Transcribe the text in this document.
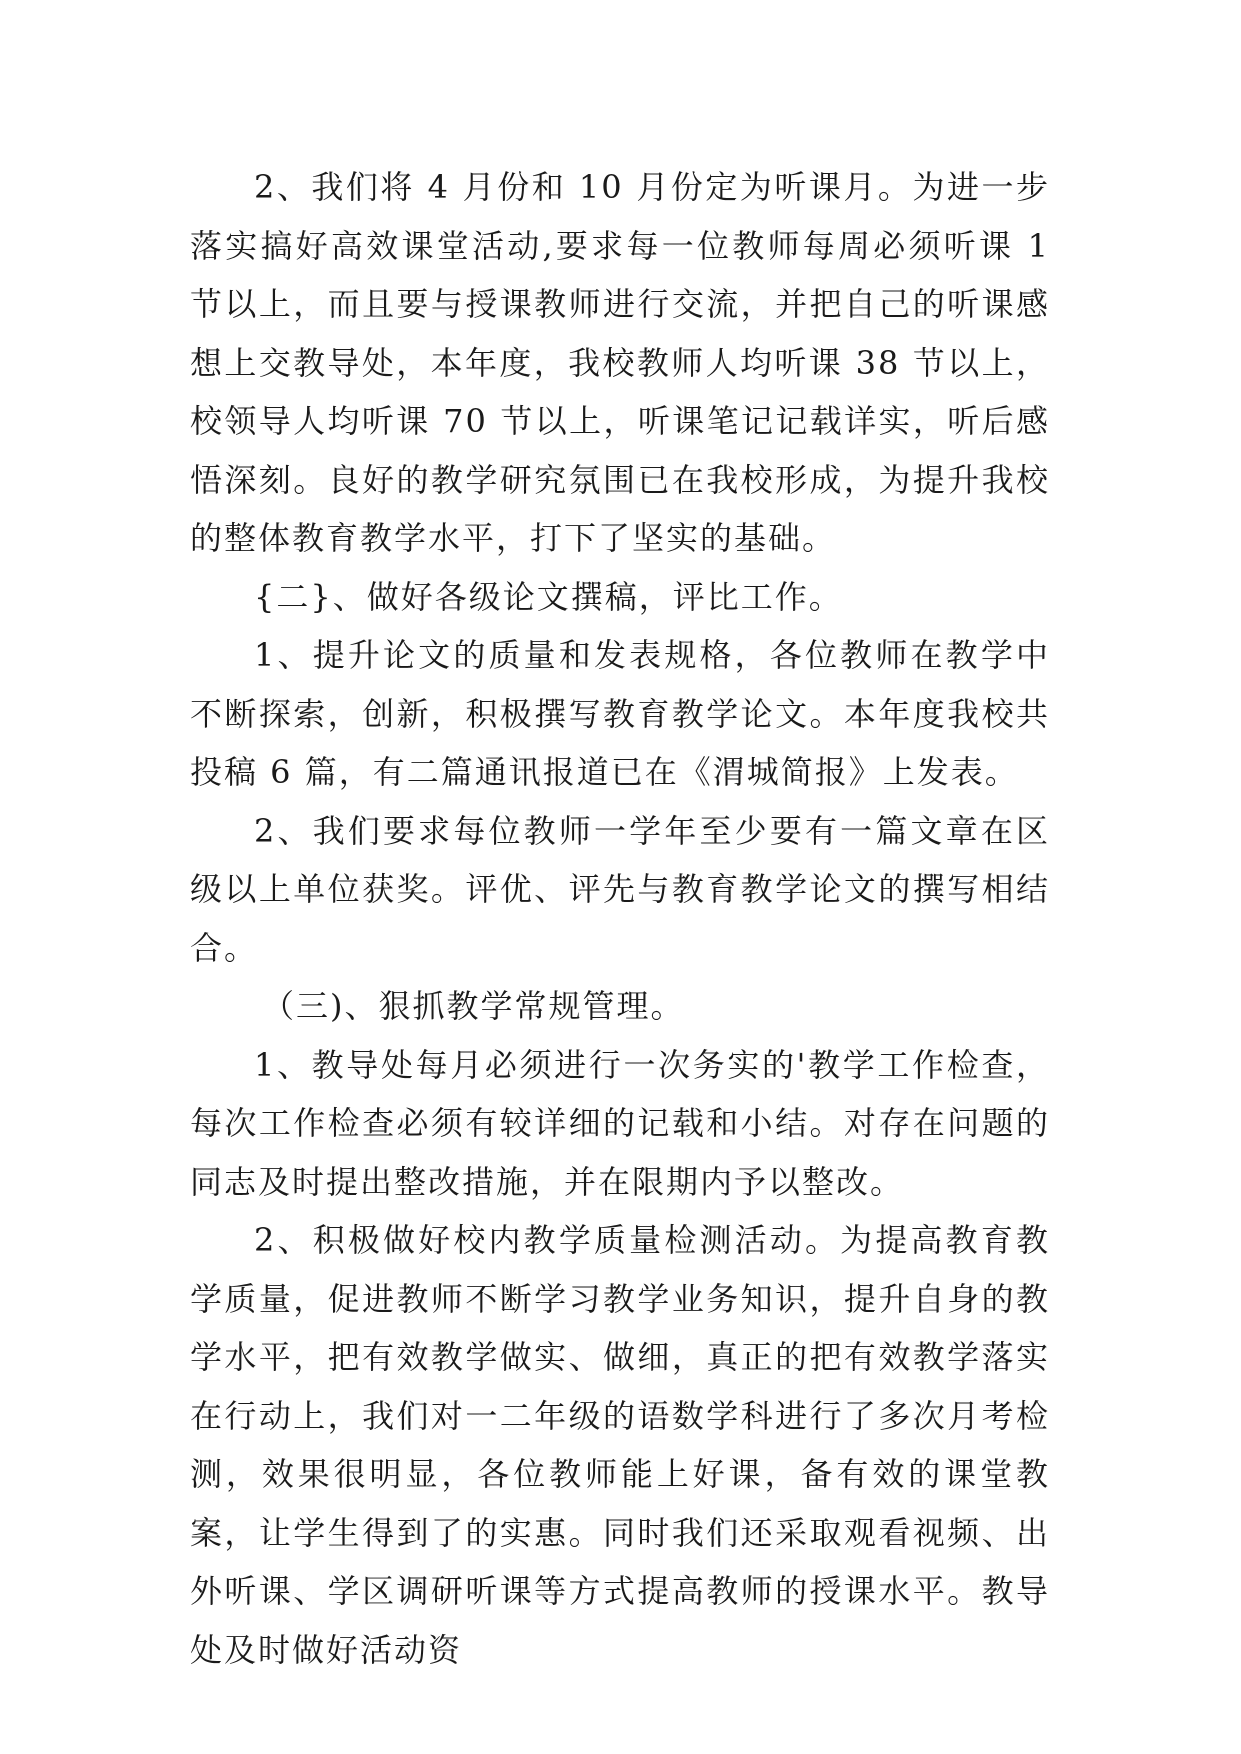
2、我们将 4 月份和 10 月份定为听课月。为进一步落实搞好高效课堂活动,要求每一位教师每周必须听课 1 节以上，而且要与授课教师进行交流，并把自己的听课感想上交教导处，本年度，我校教师人均听课 38 节以上，校领导人均听课 70 节以上，听课笔记记载详实，听后感悟深刻。良好的教学研究氛围已在我校形成，为提升我校的整体教育教学水平，打下了坚实的基础。

{二}、做好各级论文撰稿，评比工作。

1、提升论文的质量和发表规格，各位教师在教学中不断探索，创新，积极撰写教育教学论文。本年度我校共投稿 6 篇，有二篇通讯报道已在《渭城简报》上发表。

2、我们要求每位教师一学年至少要有一篇文章在区级以上单位获奖。评优、评先与教育教学论文的撰写相结合。

（三)、狠抓教学常规管理。

1、教导处每月必须进行一次务实的'教学工作检查，每次工作检查必须有较详细的记载和小结。对存在问题的同志及时提出整改措施，并在限期内予以整改。

2、积极做好校内教学质量检测活动。为提高教育教学质量，促进教师不断学习教学业务知识，提升自身的教学水平，把有效教学做实、做细，真正的把有效教学落实在行动上，我们对一二年级的语数学科进行了多次月考检测，效果很明显，各位教师能上好课，备有效的课堂教案，让学生得到了的实惠。同时我们还采取观看视频、出外听课、学区调研听课等方式提高教师的授课水平。教导处及时做好活动资
